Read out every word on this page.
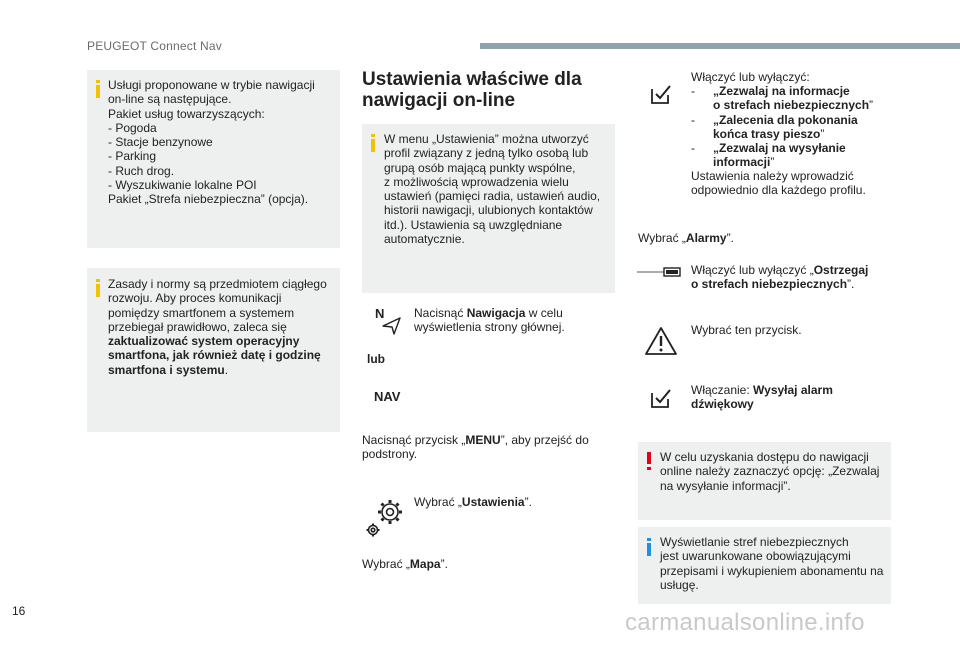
PEUGEOT Connect Nav
Usługi proponowane w trybie nawigacji
on-line są następujące.
Pakiet usług towarzyszących:
- Pogoda
- Stacje benzynowe
- Parking
- Ruch drog.
- Wyszukiwanie lokalne POI
Pakiet „Strefa niebezpieczna” (opcja).
Zasady i normy są przedmiotem ciągłego
rozwoju. Aby proces komunikacji
pomiędzy smartfonem a systemem
przebiegał prawidłowo, zaleca się
zaktualizować system operacyjny
smartfona, jak również datę i godzinę
smartfona i systemu.
Ustawienia właściwe dla
nawigacji on-line
W menu „Ustawienia” można utworzyć
profil związany z jedną tylko osobą lub
grupą osób mającą punkty wspólne,
z możliwością wprowadzenia wielu
ustawień (pamięci radia, ustawień audio,
historii nawigacji, ulubionych kontaktów
itd.). Ustawienia są uwzględniane
automatycznie.
N Nacisnąć Nawigacja w celu
wyświetlenia strony głównej.
lub
NAV
Nacisnąć przycisk „MENU”, aby przejść do
podstrony.
Wybrać „Ustawienia”.
Wybrać „Mapa”.
Włączyć lub wyłączyć:
- „Zezwalaj na informacje
o strefach niebezpiecznych”
- „Zalecenia dla pokonania
końca trasy pieszo”
- „Zezwalaj na wysyłanie
informacji”
Ustawienia należy wprowadzić
odpowiednio dla każdego profilu.
Wybrać „Alarmy”.
Włączyć lub wyłączyć „Ostrzegaj
o strefach niebezpiecznych”.
Wybrać ten przycisk.
Włączanie: Wysyłaj alarm
dźwiękowy
W celu uzyskania dostępu do nawigacji
online należy zaznaczyć opcję: „Zezwalaj
na wysyłanie informacji”.
Wyświetlanie stref niebezpiecznych
jest uwarunkowane obowiązującymi
przepisami i wykupieniem abonamentu na
usługę.
16	carmanualsonline.info
